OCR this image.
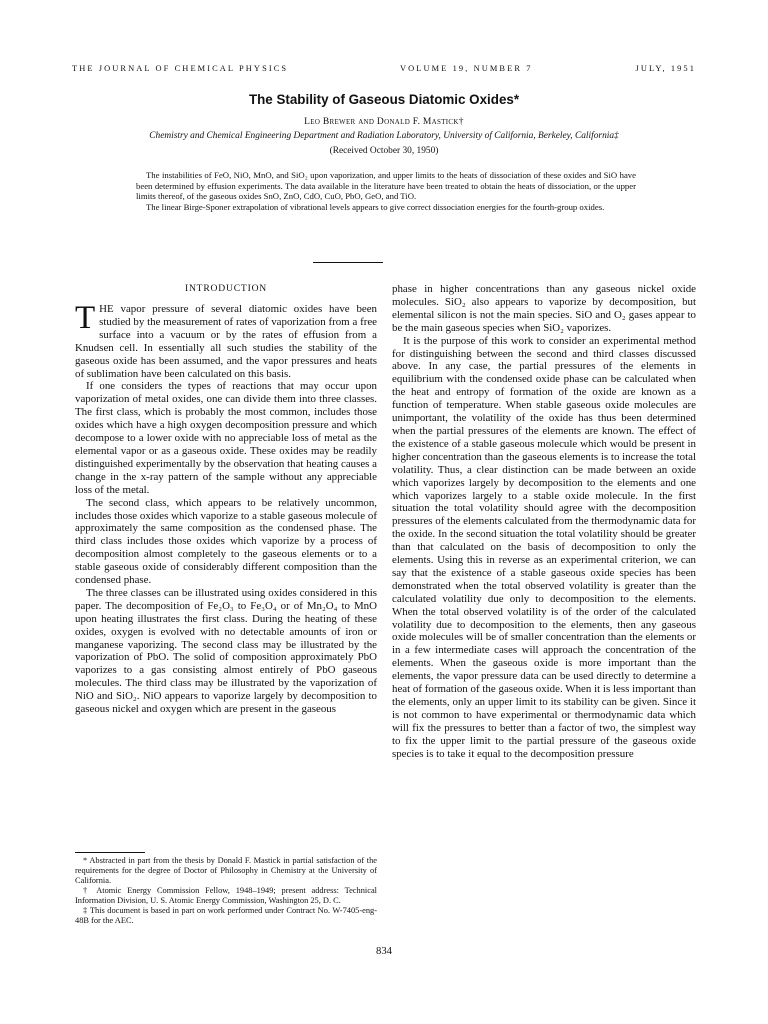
THE JOURNAL OF CHEMICAL PHYSICS	VOLUME 19, NUMBER 7	JULY, 1951
The Stability of Gaseous Diatomic Oxides*
Leo Brewer and Donald F. Mastick†
Chemistry and Chemical Engineering Department and Radiation Laboratory, University of California, Berkeley, California‡
(Received October 30, 1950)

The instabilities of FeO, NiO, MnO, and SiO₂ upon vaporization, and upper limits to the heats of dissociation of these oxides and SiO have been determined by effusion experiments. The data available in the literature have been treated to obtain the heats of dissociation, or the upper limits thereof, of the gaseous oxides SnO, ZnO, CdO, CuO, PbO, GeO, and TiO.

The linear Birge-Sponer extrapolation of vibrational levels appears to give correct dissociation energies for the fourth-group oxides.

INTRODUCTION

THE vapor pressure of several diatomic oxides have been studied by the measurement of rates of vaporization from a free surface into a vacuum or by the rates of effusion from a Knudsen cell. In essentially all such studies the stability of the gaseous oxide has been assumed, and the vapor pressures and heats of sublimation have been calculated on this basis.

If one considers the types of reactions that may occur upon vaporization of metal oxides, one can divide them into three classes. The first class, which is probably the most common, includes those oxides which have a high oxygen decomposition pressure and which decompose to a lower oxide with no appreciable loss of metal as the elemental vapor or as a gaseous oxide. These oxides may be readily distinguished experimentally by the observation that heating causes a change in the x-ray pattern of the sample without any appreciable loss of the metal.

The second class, which appears to be relatively uncommon, includes those oxides which vaporize to a stable gaseous molecule of approximately the same composition as the condensed phase. The third class includes those oxides which vaporize by a process of decomposition almost completely to the gaseous elements or to a stable gaseous oxide of considerably different composition than the condensed phase.

The three classes can be illustrated using oxides considered in this paper. The decomposition of Fe₂O₃ to Fe₃O₄ or of Mn₂O₄ to MnO upon heating illustrates the first class. During the heating of these oxides, oxygen is evolved with no detectable amounts of iron or manganese vaporizing. The second class may be illustrated by the vaporization of PbO. The solid of composition approximately PbO vaporizes to a gas consisting almost entirely of PbO gaseous molecules. The third class may be illustrated by the vaporization of NiO and SiO₂. NiO appears to vaporize largely by decomposition to gaseous nickel and oxygen which are present in the gaseous

phase in higher concentrations than any gaseous nickel oxide molecules. SiO₂ also appears to vaporize by decomposition, but elemental silicon is not the main species. SiO and O₂ gases appear to be the main gaseous species when SiO₂ vaporizes.

It is the purpose of this work to consider an experimental method for distinguishing between the second and third classes discussed above. In any case, the partial pressures of the elements in equilibrium with the condensed oxide phase can be calculated when the heat and entropy of formation of the oxide are known as a function of temperature. When stable gaseous oxide molecules are unimportant, the volatility of the oxide has thus been determined when the partial pressures of the elements are known. The effect of the existence of a stable gaseous molecule which would be present in higher concentration than the gaseous elements is to increase the total volatility. Thus, a clear distinction can be made between an oxide which vaporizes largely by decomposition to the elements and one which vaporizes largely to a stable oxide molecule. In the first situation the total volatility should agree with the decomposition pressures of the elements calculated from the thermodynamic data for the oxide. In the second situation the total volatility should be greater than that calculated on the basis of decomposition to only the elements. Using this in reverse as an experimental criterion, we can say that the existence of a stable gaseous oxide species has been demonstrated when the total observed volatility is greater than the calculated volatility due only to decomposition to the elements. When the total observed volatility is of the order of the calculated volatility due to decomposition to the elements, then any gaseous oxide molecules will be of smaller concentration than the elements or in a few intermediate cases will approach the concentration of the elements. When the gaseous oxide is more important than the elements, the vapor pressure data can be used directly to determine a heat of formation of the gaseous oxide. When it is less important than the elements, only an upper limit to its stability can be given. Since it is not common to have experimental or thermodynamic data which will fix the pressures to better than a factor of two, the simplest way to fix the upper limit to the partial pressure of the gaseous oxide species is to take it equal to the decomposition pressure

* Abstracted in part from the thesis by Donald F. Mastick in partial satisfaction of the requirements for the degree of Doctor of Philosophy in Chemistry at the University of California.

† Atomic Energy Commission Fellow, 1948–1949; present address: Technical Information Division, U. S. Atomic Energy Commission, Washington 25, D. C.

‡ This document is based in part on work performed under Contract No. W-7405-eng-48B for the AEC.

834
